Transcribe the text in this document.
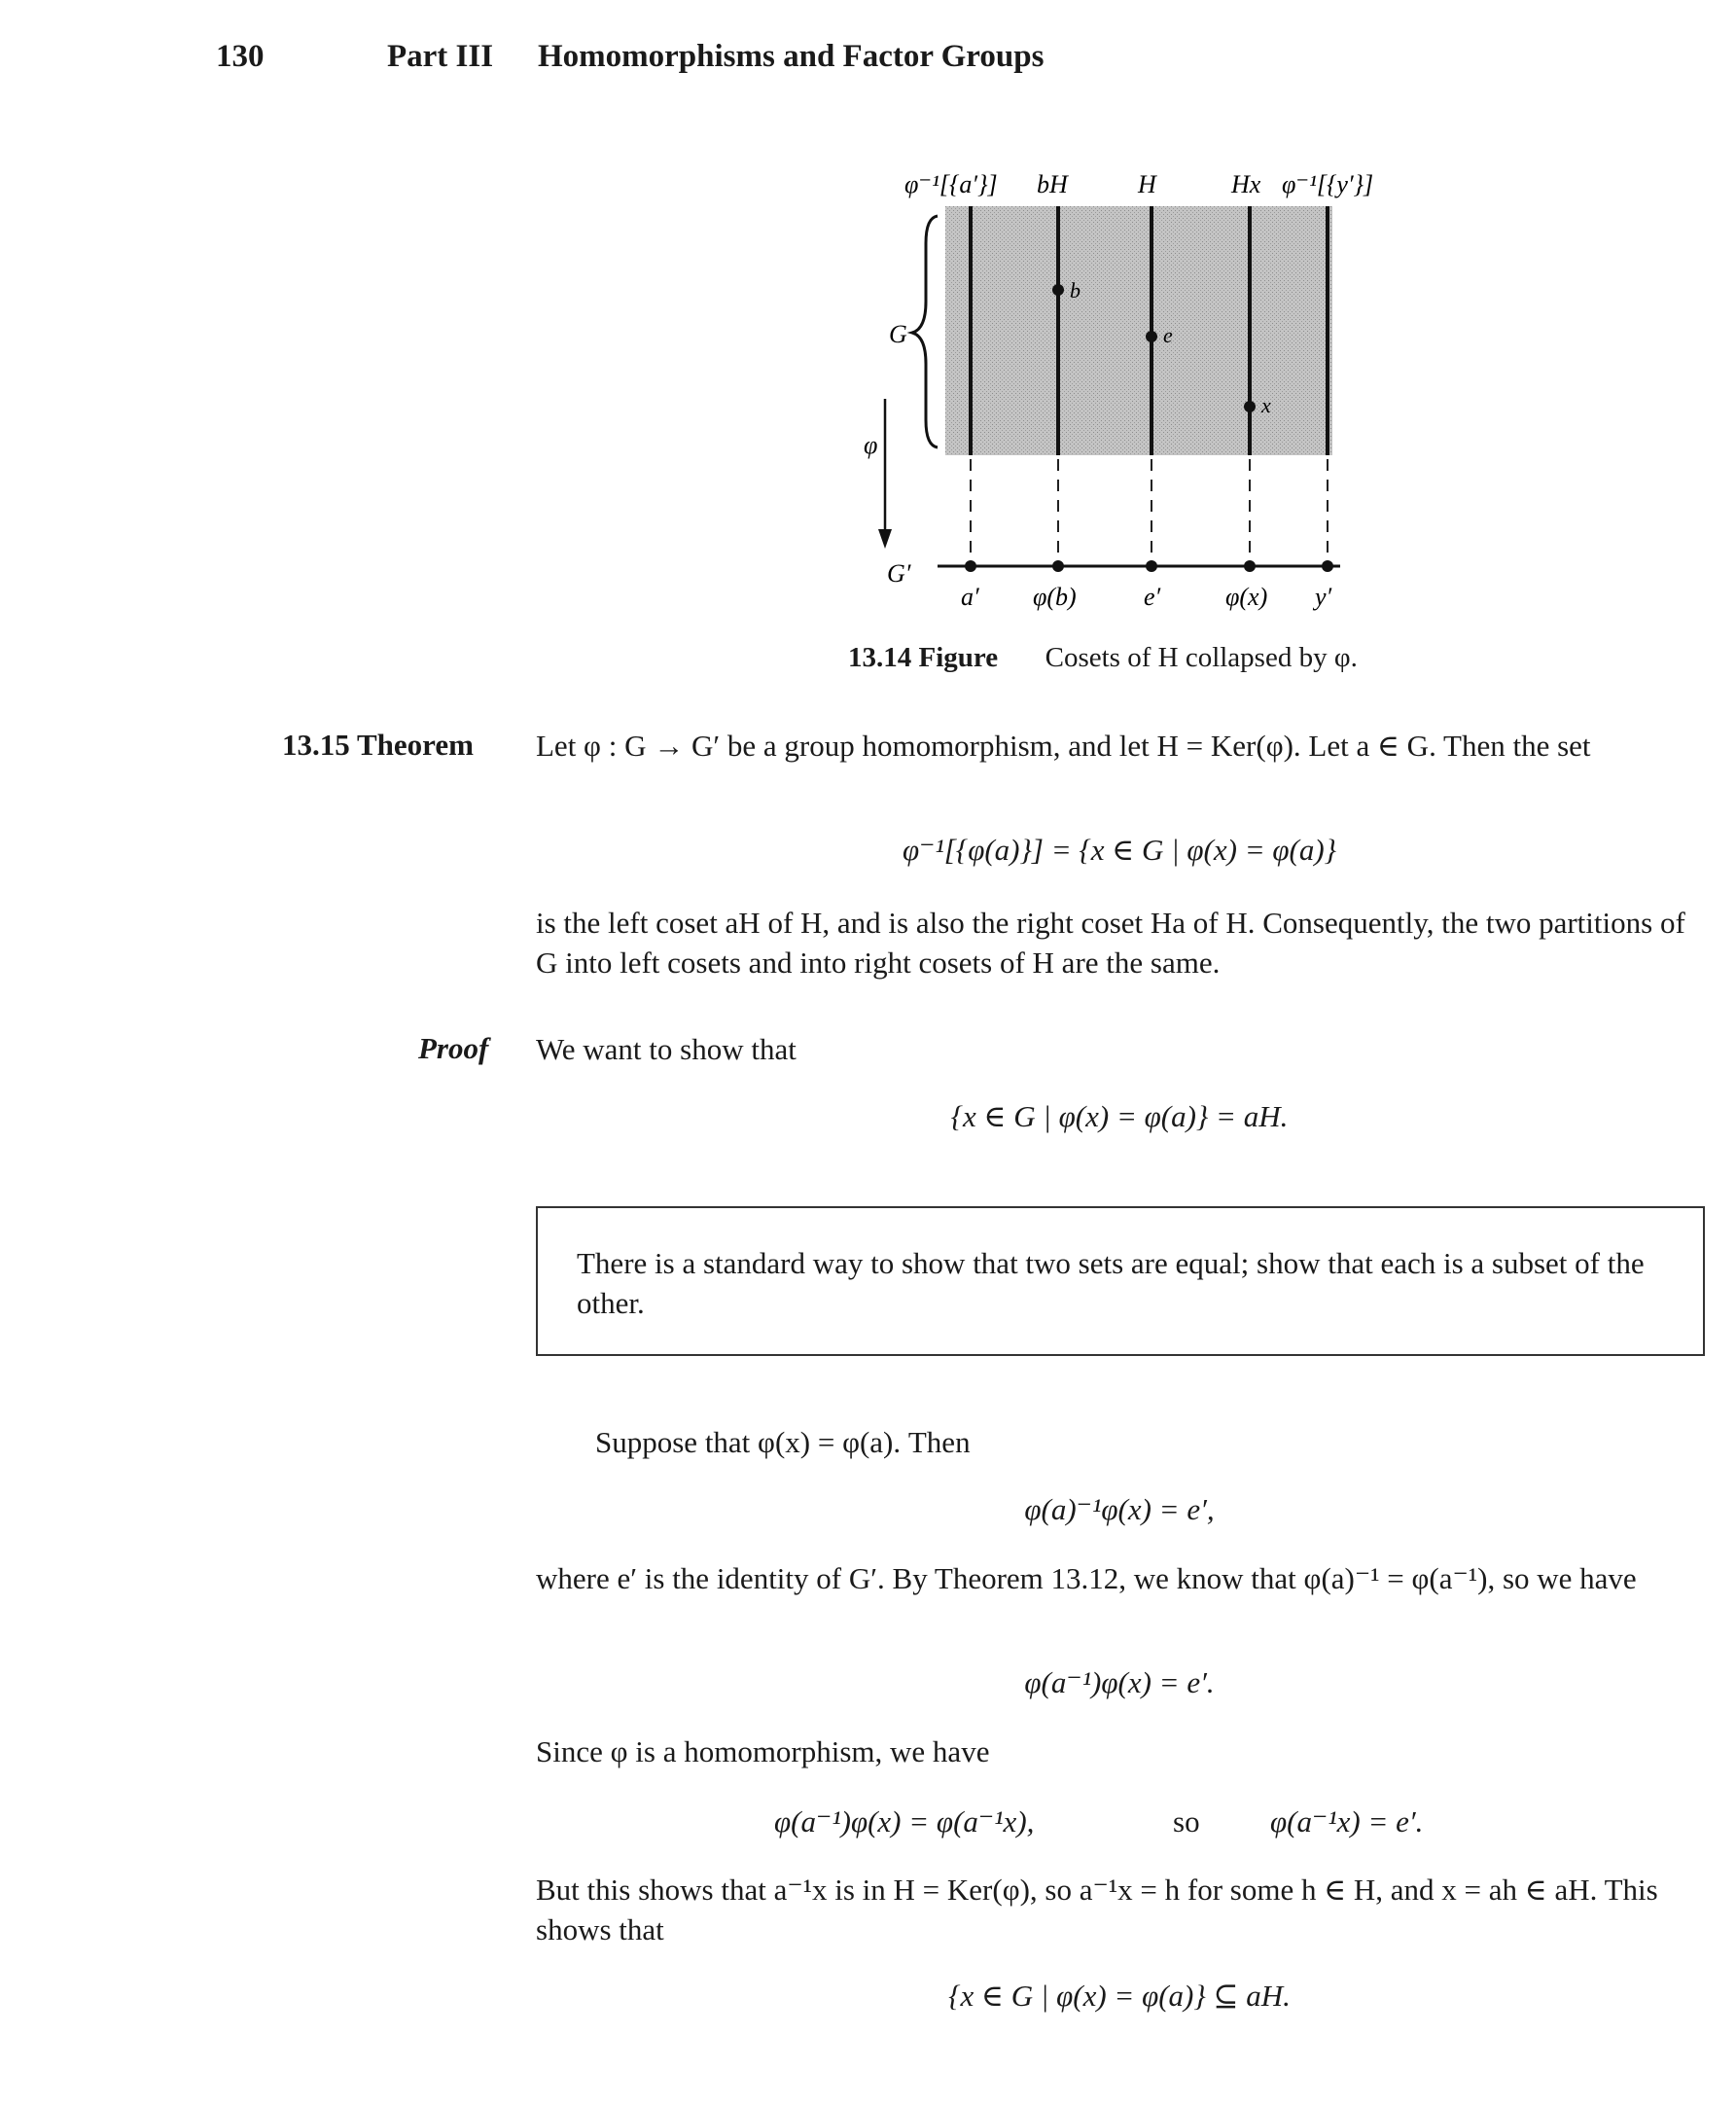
130	Part III Homomorphisms and Factor Groups
φ⁻¹[{a′}] bH	H	Hx φ⁻¹[{y′}]
b
e
x
G
φ
G′
a′ φ(b)	e′	φ(x) y′
13.14 Figure Cosets of H collapsed by φ.
13.15 Theorem Let φ : G → G′ be a group homomorphism, and let H = Ker(φ). Let a ∈ G. Then the set
φ⁻¹[{φ(a)}] = {x ∈ G | φ(x) = φ(a)}
is the left coset aH of H, and is also the right coset Ha of H. Consequently, the two partitions of G into left cosets and into right cosets of H are the same.
Proof We want to show that
{x ∈ G | φ(x) = φ(a)} = aH.
There is a standard way to show that two sets are equal; show that each is a subset of the other.
Suppose that φ(x) = φ(a). Then
φ(a)⁻¹φ(x) = e′,
where e′ is the identity of G′. By Theorem 13.12, we know that φ(a)⁻¹ = φ(a⁻¹), so we have
φ(a⁻¹)φ(x) = e′.
Since φ is a homomorphism, we have
φ(a⁻¹)φ(x) = φ(a⁻¹x),	so φ(a⁻¹x) = e′.
But this shows that a⁻¹x is in H = Ker(φ), so a⁻¹x = h for some h ∈ H, and x = ah ∈ aH. This shows that
{x ∈ G | φ(x) = φ(a)} ⊆ aH.
